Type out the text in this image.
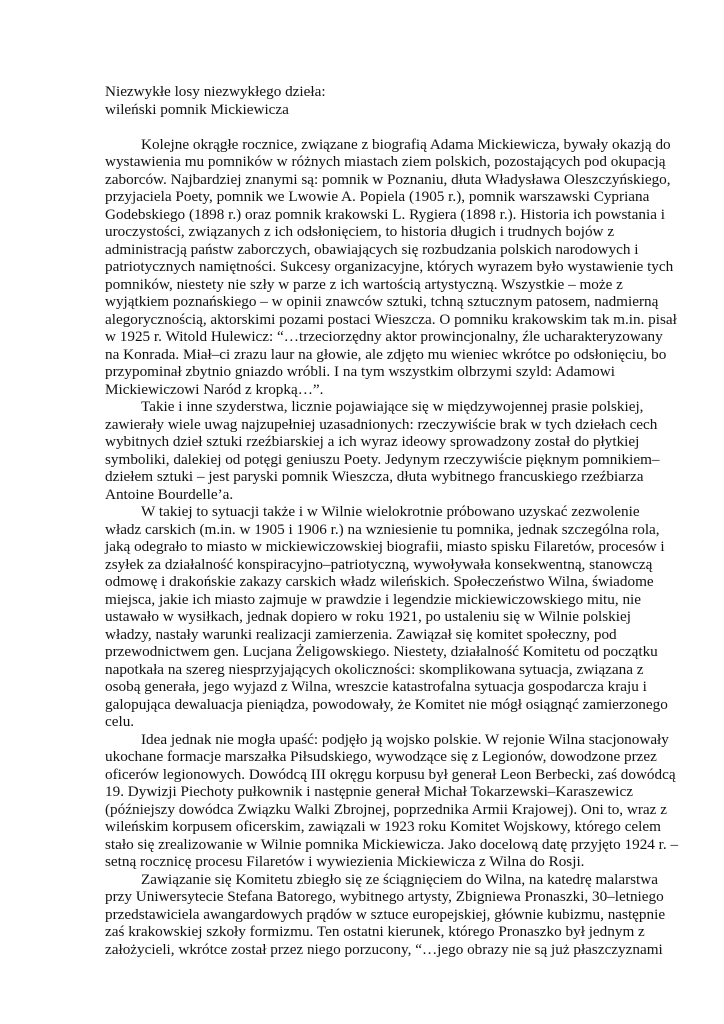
Niezwykłe losy niezwykłego dzieła:
wileński pomnik Mickiewicza
Kolejne okrągłe rocznice, związane z biografią Adama Mickiewicza, bywały okazją do
wystawienia mu pomników w różnych miastach ziem polskich, pozostających pod okupacją
zaborców. Najbardziej znanymi są: pomnik w Poznaniu, dłuta Władysława Oleszczyńskiego,
przyjaciela Poety, pomnik we Lwowie A. Popiela (1905 r.), pomnik warszawski Cypriana
Godebskiego (1898 r.) oraz pomnik krakowski L. Rygiera (1898 r.). Historia ich powstania i
uroczystości, związanych z ich odsłonięciem, to historia długich i trudnych bojów z
administracją państw zaborczych, obawiających się rozbudzania polskich narodowych i
patriotycznych namiętności. Sukcesy organizacyjne, których wyrazem było wystawienie tych
pomników, niestety nie szły w parze z ich wartością artystyczną. Wszystkie – może z
wyjątkiem poznańskiego – w opinii znawców sztuki, tchną sztucznym patosem, nadmierną
alegorycznością, aktorskimi pozami postaci Wieszcza. O pomniku krakowskim tak m.in. pisał
w 1925 r. Witold Hulewicz: “…trzeciorzędny aktor prowincjonalny, źle ucharakteryzowany
na Konrada. Miał–ci zrazu laur na głowie, ale zdjęto mu wieniec wkrótce po odsłonięciu, bo
przypominał zbytnio gniazdo wróbli. I na tym wszystkim olbrzymi szyld: Adamowi
Mickiewiczowi Naród z kropką…”.
Takie i inne szyderstwa, licznie pojawiające się w międzywojennej prasie polskiej,
zawierały wiele uwag najzupełniej uzasadnionych: rzeczywiście brak w tych dziełach cech
wybitnych dzieł sztuki rzeźbiarskiej a ich wyraz ideowy sprowadzony został do płytkiej
symboliki, dalekiej od potęgi geniuszu Poety. Jedynym rzeczywiście pięknym pomnikiem–
dziełem sztuki – jest paryski pomnik Wieszcza, dłuta wybitnego francuskiego rzeźbiarza
Antoine Bourdelle’a.
W takiej to sytuacji także i w Wilnie wielokrotnie próbowano uzyskać zezwolenie
władz carskich (m.in. w 1905 i 1906 r.) na wzniesienie tu pomnika, jednak szczególna rola,
jaką odegrało to miasto w mickiewiczowskiej biografii, miasto spisku Filaretów, procesów i
zsyłek za działalność konspiracyjno–patriotyczną, wywoływała konsekwentną, stanowczą
odmowę i drakońskie zakazy carskich władz wileńskich. Społeczeństwo Wilna, świadome
miejsca, jakie ich miasto zajmuje w prawdzie i legendzie mickiewiczowskiego mitu, nie
ustawało w wysiłkach, jednak dopiero w roku 1921, po ustaleniu się w Wilnie polskiej
władzy, nastały warunki realizacji zamierzenia. Zawiązał się komitet społeczny, pod
przewodnictwem gen. Lucjana Żeligowskiego. Niestety, działalność Komitetu od początku
napotkała na szereg niesprzyjających okoliczności: skomplikowana sytuacja, związana z
osobą generała, jego wyjazd z Wilna, wreszcie katastrofalna sytuacja gospodarcza kraju i
galopująca dewaluacja pieniądza, powodowały, że Komitet nie mógł osiągnąć zamierzonego
celu.
Idea jednak nie mogła upaść: podjęło ją wojsko polskie. W rejonie Wilna stacjonowały
ukochane formacje marszałka Piłsudskiego, wywodzące się z Legionów, dowodzone przez
oficerów legionowych. Dowódcą III okręgu korpusu był generał Leon Berbecki, zaś dowódcą
19. Dywizji Piechoty pułkownik i następnie generał Michał Tokarzewski–Karaszewicz
(późniejszy dowódca Związku Walki Zbrojnej, poprzednika Armii Krajowej). Oni to, wraz z
wileńskim korpusem oficerskim, zawiązali w 1923 roku Komitet Wojskowy, którego celem
stało się zrealizowanie w Wilnie pomnika Mickiewicza. Jako docelową datę przyjęto 1924 r. –
setną rocznicę procesu Filaretów i wywiezienia Mickiewicza z Wilna do Rosji.
Zawiązanie się Komitetu zbiegło się ze ściągnięciem do Wilna, na katedrę malarstwa
przy Uniwersytecie Stefana Batorego, wybitnego artysty, Zbigniewa Pronaszki, 30–letniego
przedstawiciela awangardowych prądów w sztuce europejskiej, głównie kubizmu, następnie
zaś krakowskiej szkoły formizmu. Ten ostatni kierunek, którego Pronaszko był jednym z
założycieli, wkrótce został przez niego porzucony, “…jego obrazy nie są już płaszczyznami
